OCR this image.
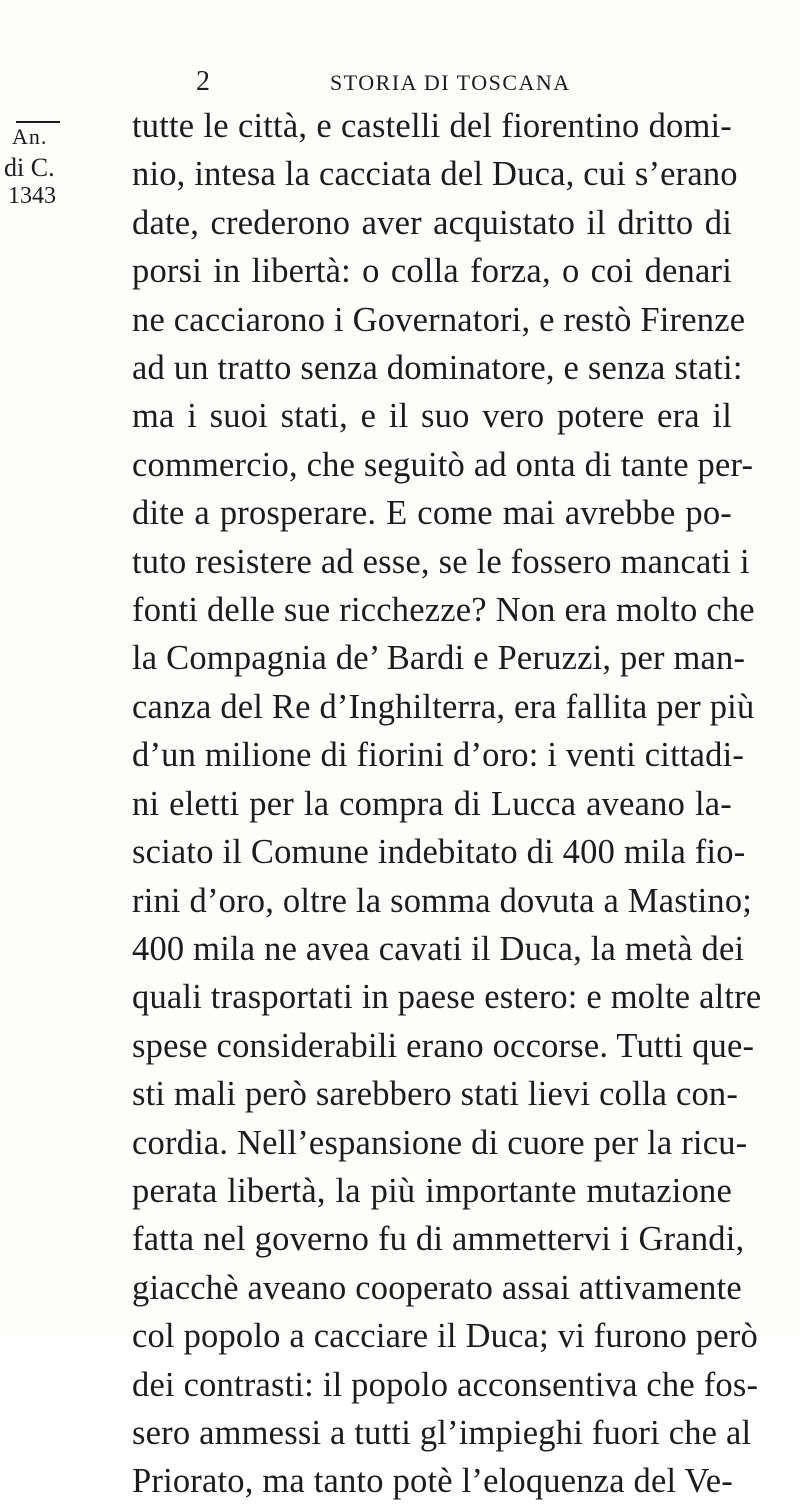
2	STORIA DI TOSCANA
An.
di C.
1343
tutte le città, e castelli del fiorentino domi-
nio, intesa la cacciata del Duca, cui s’erano
date, crederono aver acquistato il dritto di
porsi in libertà: o colla forza, o coi denari
ne cacciarono i Governatori, e restò Firenze
ad un tratto senza dominatore, e senza stati:
ma i suoi stati, e il suo vero potere era il
commercio, che seguitò ad onta di tante per-
dite a prosperare. E come mai avrebbe po-
tuto resistere ad esse, se le fossero mancati i
fonti delle sue ricchezze? Non era molto che
la Compagnia de’ Bardi e Peruzzi, per man-
canza del Re d’Inghilterra, era fallita per più
d’un milione di fiorini d’oro: i venti cittadi-
ni eletti per la compra di Lucca aveano la-
sciato il Comune indebitato di 400 mila fio-
rini d’oro, oltre la somma dovuta a Mastino;
400 mila ne avea cavati il Duca, la metà dei
quali trasportati in paese estero: e molte altre
spese considerabili erano occorse. Tutti que-
sti mali però sarebbero stati lievi colla con-
cordia. Nell’espansione di cuore per la ricu-
perata libertà, la più importante mutazione
fatta nel governo fu di ammettervi i Grandi,
giacchè aveano cooperato assai attivamente
col popolo a cacciare il Duca; vi furono però
dei contrasti: il popolo acconsentiva che fos-
sero ammessi a tutti gl’impieghi fuori che al
Priorato, ma tanto potè l’eloquenza del Ve-
